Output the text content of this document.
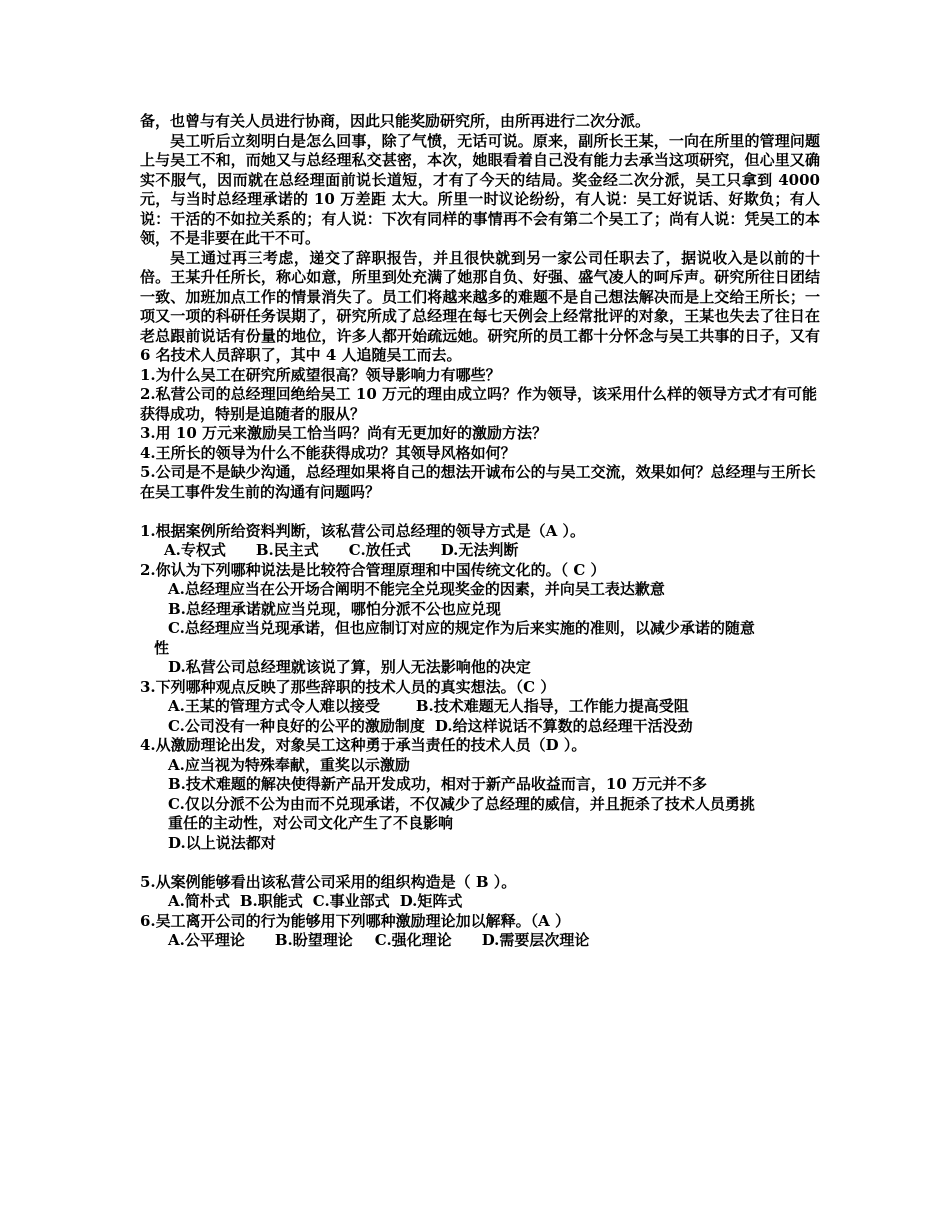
备，也曾与有关人员进行协商，因此只能奖励研究所，由所再进行二次分派。

吴工听后立刻明白是怎么回事，除了气愤，无话可说。原来，副所长王某，一向在所里的管理问题上与吴工不和，而她又与总经理私交甚密，本次，她眼看着自己没有能力去承当这项研究，但心里又确实不服气，因而就在总经理面前说长道短，才有了今天的结局。奖金经二次分派，吴工只拿到 4000 元，与当时总经理承诺的 10 万差距 太大。所里一时议论纷纷，有人说：吴工好说话、好欺负；有人说：干活的不如拉关系的；有人说：下次有同样的事情再不会有第二个吴工了；尚有人说：凭吴工的本领，不是非要在此干不可。

吴工通过再三考虑，递交了辞职报告，并且很快就到另一家公司任职去了，据说收入是以前的十倍。王某升任所长，称心如意，所里到处充满了她那自负、好强、盛气凌人的呵斥声。研究所往日团结一致、加班加点工作的情景消失了。员工们将越来越多的难题不是自己想法解决而是上交给王所长；一项又一项的科研任务误期了，研究所成了总经理在每七天例会上经常批评的对象，王某也失去了往日在老总跟前说话有份量的地位，许多人都开始疏远她。研究所的员工都十分怀念与吴工共事的日子，又有 6 名技术人员辞职了，其中 4 人追随吴工而去。

1.为什么吴工在研究所威望很高？领导影响力有哪些？

2.私营公司的总经理回绝给吴工 10 万元的理由成立吗？作为领导，该采用什么样的领导方式才有可能获得成功，特别是追随者的服从？

3.用 10 万元来激励吴工恰当吗？尚有无更加好的激励方法？

4.王所长的领导为什么不能获得成功？其领导风格如何？

5.公司是不是缺少沟通，总经理如果将自己的想法开诚布公的与吴工交流，效果如何？总经理与王所长在吴工事件发生前的沟通有问题吗？

1.根据案例所给资料判断，该私营公司总经理的领导方式是（A ）。

A.专权式 B.民主式 C.放任式 D.无法判断

2.你认为下列哪种说法是比较符合管理原理和中国传统文化的。（ C ）

A.总经理应当在公开场合阐明不能完全兑现奖金的因素，并向吴工表达歉意

B.总经理承诺就应当兑现，哪怕分派不公也应兑现

C.总经理应当兑现承诺，但也应制订对应的规定作为后来实施的准则，以减少承诺的随意

性

D.私营公司总经理就该说了算，别人无法影响他的决定

3.下列哪种观点反映了那些辞职的技术人员的真实想法。（C ）

A.王某的管理方式令人难以接受 B.技术难题无人指导，工作能力提高受阻

C.公司没有一种良好的公平的激励制度 D.给这样说话不算数的总经理干活没劲

4.从激励理论出发，对象吴工这种勇于承当责任的技术人员（D ）。

A.应当视为特殊奉献，重奖以示激励

B.技术难题的解决使得新产品开发成功，相对于新产品收益而言，10 万元并不多

C.仅以分派不公为由而不兑现承诺，不仅减少了总经理的威信，并且扼杀了技术人员勇挑

重任的主动性，对公司文化产生了不良影响

D.以上说法都对

5.从案例能够看出该私营公司采用的组织构造是（ B ）。

A.简朴式 B.职能式 C.事业部式 D.矩阵式

6.吴工离开公司的行为能够用下列哪种激励理论加以解释。（A ）

A.公平理论 B.盼望理论 C.强化理论 D.需要层次理论
